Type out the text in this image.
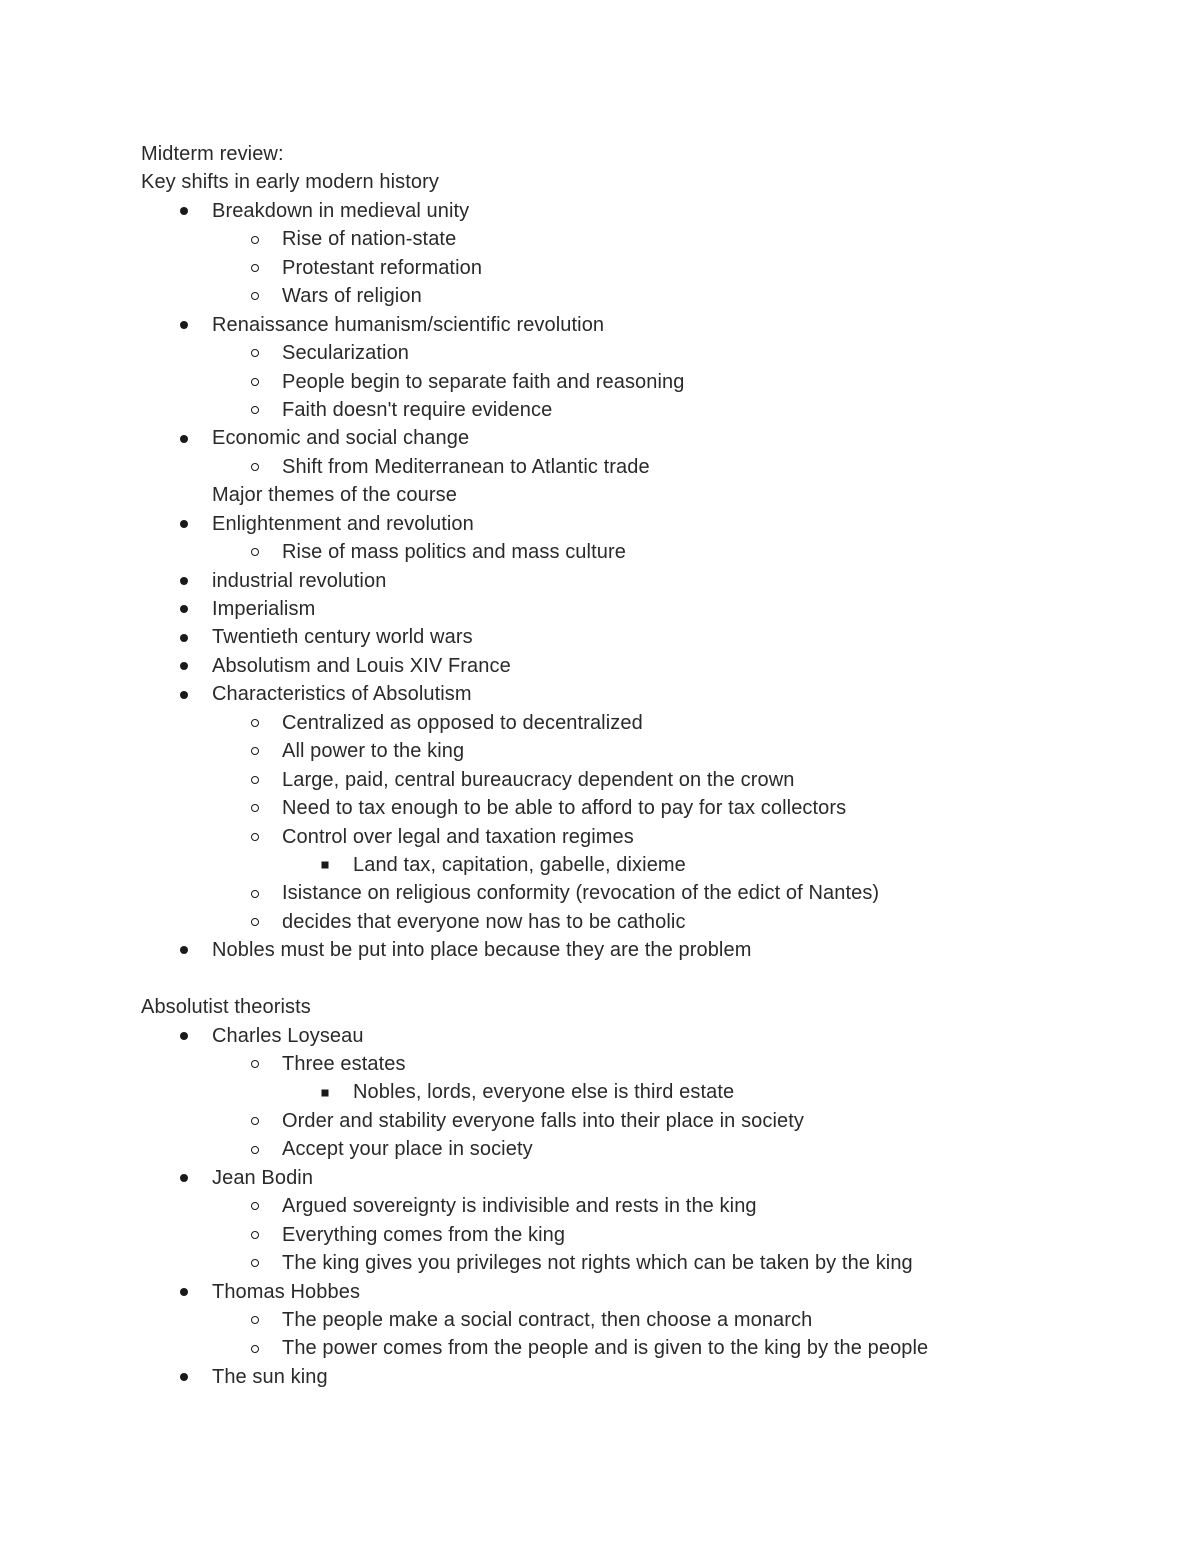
Midterm review:
Key shifts in early modern history
Breakdown in medieval unity
Rise of nation-state
Protestant reformation
Wars of religion
Renaissance humanism/scientific revolution
Secularization
People begin to separate faith and reasoning
Faith doesn't require evidence
Economic and social change
Shift from Mediterranean to Atlantic trade
Major themes of the course
Enlightenment and revolution
Rise of mass politics and mass culture
industrial revolution
Imperialism
Twentieth century world wars
Absolutism and Louis XIV France
Characteristics of Absolutism
Centralized as opposed to decentralized
All power to the king
Large, paid, central bureaucracy dependent on the crown
Need to tax enough to be able to afford to pay for tax collectors
Control over legal and taxation regimes
Land tax, capitation, gabelle, dixieme
Isistance on religious conformity (revocation of the edict of Nantes)
decides that everyone now has to be catholic
Nobles must be put into place because they are the problem
Absolutist theorists
Charles Loyseau
Three estates
Nobles, lords, everyone else is third estate
Order and stability everyone falls into their place in society
Accept your place in society
Jean Bodin
Argued sovereignty is indivisible and rests in the king
Everything comes from the king
The king gives you privileges not rights which can be taken by the king
Thomas Hobbes
The people make a social contract, then choose a monarch
The power comes from the people and is given to the king by the people
The sun king
